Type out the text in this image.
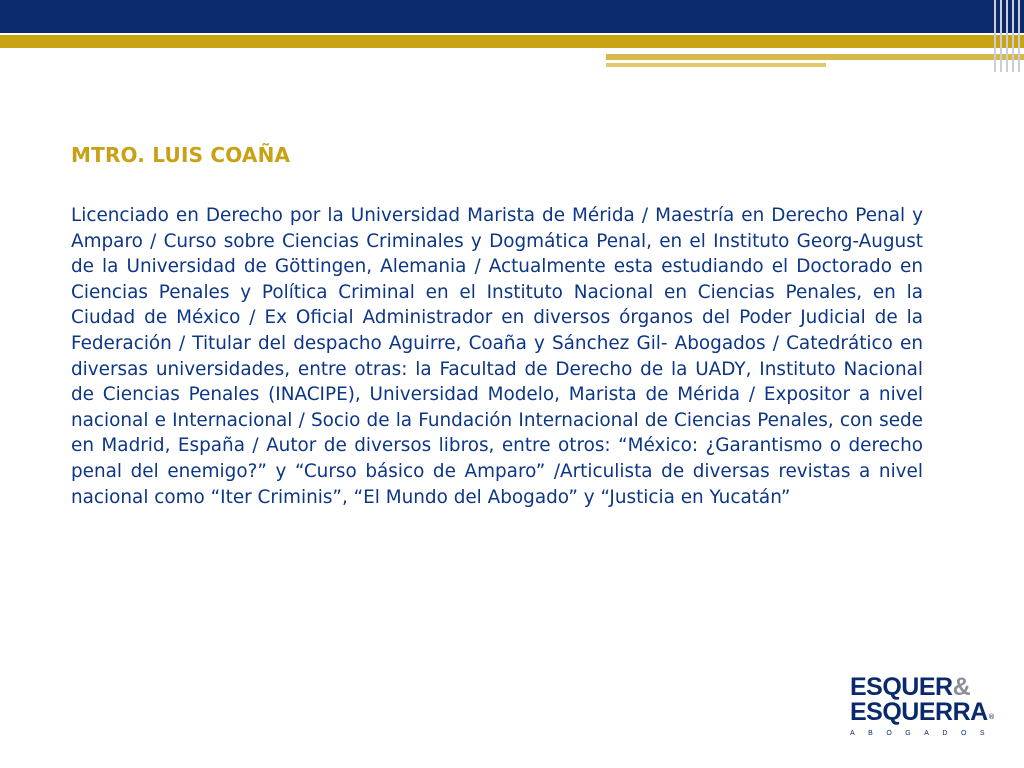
MTRO. LUIS COAÑA
Licenciado en Derecho por la Universidad Marista de Mérida / Maestría en Derecho Penal y Amparo / Curso sobre Ciencias Criminales y Dogmática Penal, en el Instituto Georg-August de la Universidad de Göttingen, Alemania / Actualmente esta estudiando el Doctorado en Ciencias Penales y Política Criminal en el Instituto Nacional en Ciencias Penales, en la Ciudad de México / Ex Oficial Administrador en diversos órganos del Poder Judicial de la Federación / Titular del despacho Aguirre, Coaña y Sánchez Gil- Abogados / Catedrático en diversas universidades, entre otras: la Facultad de Derecho de la UADY, Instituto Nacional de Ciencias Penales (INACIPE), Universidad Modelo, Marista de Mérida / Expositor a nivel nacional e Internacional / Socio de la Fundación Internacional de Ciencias Penales, con sede en Madrid, España / Autor de diversos libros, entre otros: “México: ¿Garantismo o derecho penal del enemigo?” y “Curso básico de Amparo” /Articulista de diversas revistas a nivel nacional como “Iter Criminis”, “El Mundo del Abogado” y “Justicia en Yucatán”
ESQUER&
ESQUERRA ®
ABOGADOS
